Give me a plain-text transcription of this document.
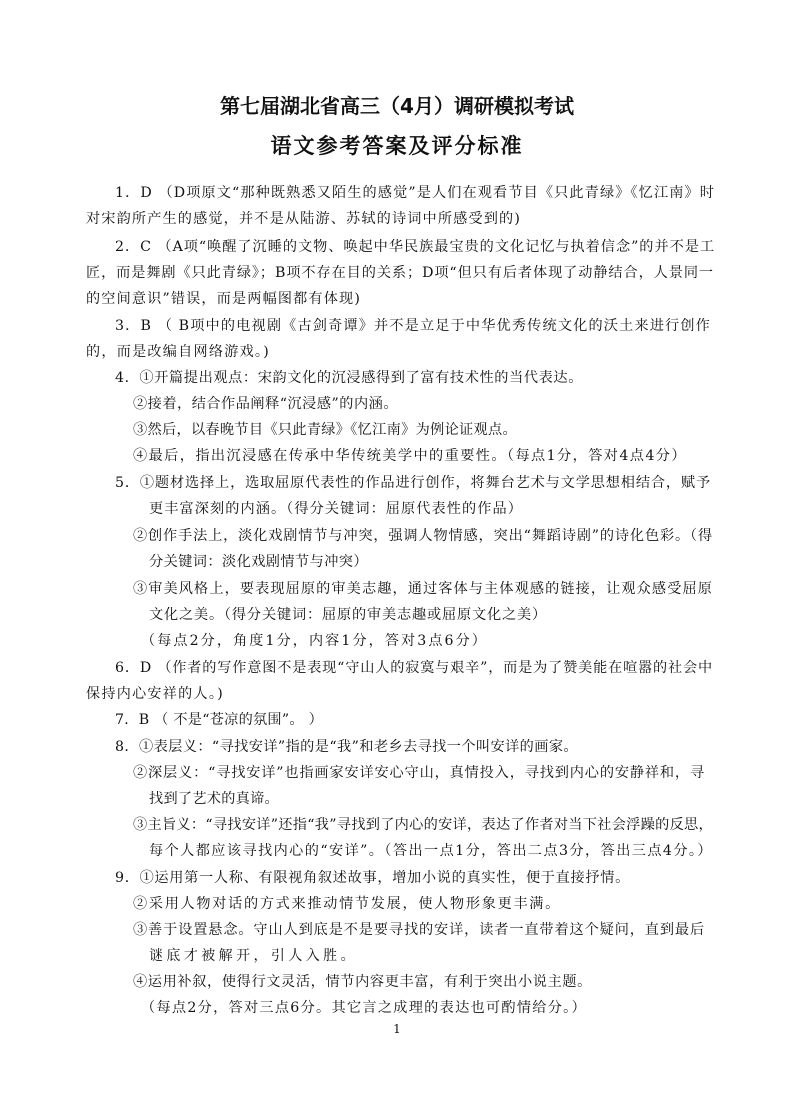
第七届湖北省高三（4月）调研模拟考试
语文参考答案及评分标准
1．D （D项原文“那种既熟悉又陌生的感觉”是人们在观看节目《只此青绿》《忆江南》时
对宋韵所产生的感觉，并不是从陆游、苏轼的诗词中所感受到的)
2．C （A项“唤醒了沉睡的文物、唤起中华民族最宝贵的文化记忆与执着信念”的并不是工
匠，而是舞剧《只此青绿》；B项不存在目的关系；D项“但只有后者体现了动静结合，人景同一
的空间意识”错误，而是两幅图都有体现)
3．B （ B项中的电视剧《古剑奇谭》并不是立足于中华优秀传统文化的沃土来进行创作
的，而是改编自网络游戏。)
4．①开篇提出观点：宋韵文化的沉浸感得到了富有技术性的当代表达。
②接着，结合作品阐释“沉浸感”的内涵。
③然后，以春晚节目《只此青绿》《忆江南》为例论证观点。
④最后，指出沉浸感在传承中华传统美学中的重要性。（每点1分，答对4点4分）
5．①题材选择上，选取屈原代表性的作品进行创作，将舞台艺术与文学思想相结合，赋予
更丰富深刻的内涵。（得分关键词：屈原代表性的作品）
②创作手法上，淡化戏剧情节与冲突，强调人物情感，突出“舞蹈诗剧”的诗化色彩。（得
分关键词：淡化戏剧情节与冲突）
③审美风格上，要表现屈原的审美志趣，通过客体与主体观感的链接，让观众感受屈原
文化之美。（得分关键词：屈原的审美志趣或屈原文化之美）
（每点2分，角度1分，内容1分，答对3点6分）
6．D （作者的写作意图不是表现“守山人的寂寞与艰辛”，而是为了赞美能在喧嚣的社会中
保持内心安祥的人。)
7．B （ 不是“苍凉的氛围”。 ）
8．①表层义：“寻找安详”指的是“我”和老乡去寻找一个叫安详的画家。
②深层义：“寻找安详”也指画家安详安心守山，真情投入，寻找到内心的安静祥和，寻
找到了艺术的真谛。
③主旨义：“寻找安详”还指“我”寻找到了内心的安详，表达了作者对当下社会浮躁的反思，
每个人都应该寻找内心的“安详”。（答出一点1分，答出二点3分，答出三点4分。）
9．①运用第一人称、有限视角叙述故事，增加小说的真实性，便于直接抒情。
②采用人物对话的方式来推动情节发展，使人物形象更丰满。
③善于设置悬念。守山人到底是不是要寻找的安详，读者一直带着这个疑问，直到最后
谜底才被解开，引人入胜。
④运用补叙，使得行文灵活，情节内容更丰富，有利于突出小说主题。
（每点2分，答对三点6分。其它言之成理的表达也可酌情给分。）
1
